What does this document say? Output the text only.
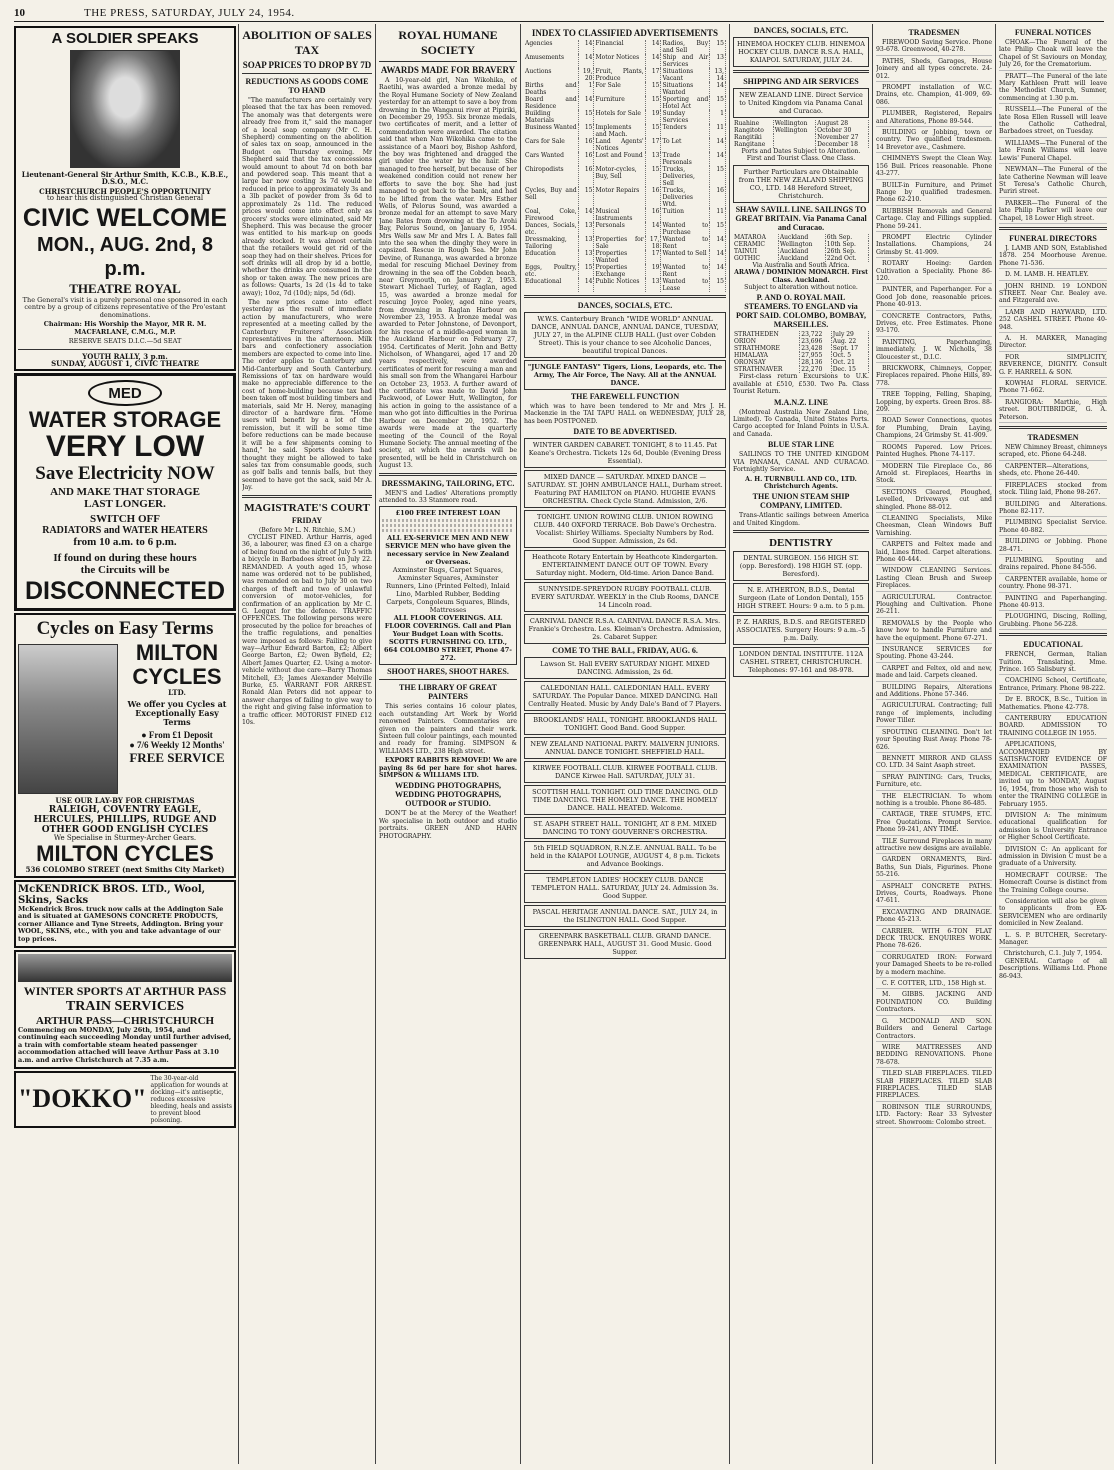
10	THE PRESS, SATURDAY, JULY 24, 1954.
A SOLDIER SPEAKS
Lieutenant-General Sir Arthur Smith, K.C.B., K.B.E., D.S.O., M.C.
CHRISTCHURCH PEOPLE'S OPPORTUNITY
to hear this distinguished Christian General
CIVIC WELCOME
MON., AUG. 2nd, 8 p.m.
THEATRE ROYAL
The General's visit is a purely personal one sponsored in each centre by a group of citizens representative of the Pro'estant denominations.
Chairman: His Worship the Mayor, MR R. M. MACFARLANE, C.M.G., M.P.
RESERVE SEATS D.I.C.—5d SEAT
YOUTH RALLY, 3 p.m.
SUNDAY, AUGUST 1, CIVIC THEATRE
MED
WATER STORAGE
VERY LOW
Save Electricity NOW
AND MAKE THAT STORAGE
LAST LONGER.
SWITCH OFF
RADIATORS and WATER HEATERS
from 10 a.m. to 6 p.m.
If found on during these hours
the Circuits will be
DISCONNECTED
Cycles on Easy Terms
MILTON
CYCLES
LTD.
We offer you Cycles at Exceptionally Easy Terms
● From £1 Deposit
● 7/6 Weekly 12 Months'
FREE SERVICE
USE OUR LAY-BY FOR CHRISTMAS
RALEIGH, COVENTRY EAGLE, HERCULES, PHILLIPS, RUDGE AND OTHER GOOD ENGLISH CYCLES
We Specialise in Sturmey-Archer Gears.
MILTON CYCLES
536 COLOMBO STREET (next Smiths City Market)
McKENDRICK BROS. LTD., Wool, Skins, Sacks
McKendrick Bros. truck now calls at the Addington Sale and is situated at GAMESONS CONCRETE PRODUCTS, corner Alliance and Tyne Streets, Addington. Bring your WOOL, SKINS, etc., with you and take advantage of our top prices.
WINTER SPORTS AT ARTHUR PASS
TRAIN SERVICES
ARTHUR PASS—CHRISTCHURCH
Commencing on MONDAY, July 26th, 1954, and continuing each succeeding Monday until further advised, a train with comfortable steam heated passenger accommodation attached will leave Arthur Pass at 3.10 a.m. and arrive Christchurch at 7.35 a.m.
"DOKKO"
The 30-year-old application for wounds at docking—it's antiseptic, reduces excessive bleeding, heals and assists to prevent blood poisoning.
ABOLITION OF SALES TAX
SOAP PRICES TO DROP BY 7D
REDUCTIONS AS GOODS COME TO HAND
"The manufacturers are certainly very pleased that the tax has been removed. The anomaly was that detergents were already free from it," said the manager of a local soap company (Mr C. H. Shepherd) commenting on the abolition of sales tax on soap, announced in the Budget on Thursday evening. Mr Shepherd said that the tax concessions would amount to about 7d on both bar and powdered soap. This meant that a large bar now costing 3s 7d would be reduced in price to approximately 3s and a 3lb packet of powder from 3s 6d to approximately 2s 11d. The reduced prices would come into effect only as grocers' stocks were eliminated, said Mr Shepherd. This was because the grocer was entitled to his mark-up on goods already stocked. It was almost certain that the retailers would get rid of the soap they had on their shelves. Prices for soft drinks will all drop by id a bottle, whether the drinks are consumed in the shop or taken away. The new prices are as follows: Quarts, 1s 2d (1s 4d to take away); 10oz, 7d (10d); nips, 5d (6d).
The new prices came into effect yesterday as the result of immediate action by manufacturers, who were represented at a meeting called by the Canterbury Fruiterers' Association representatives in the afternoon. Milk bars and confectionery association members are expected to come into line. The order applies to Canterbury and Mid-Canterbury and South Canterbury. Remissions of tax on hardware would make no appreciable difference to the cost of home-building because tax had been taken off most building timbers and materials, said Mr H. Nerey, managing director of a hardware firm. "Home users will benefit by a lot of the remission, but it will be some time before reductions can be made because it will be a few shipments coming to hand," he said. Sports dealers had thought they might be allowed to take sales tax from consumable goods, such as golf balls and tennis balls, but they seemed to have got the sack, said Mr A. Jay.
MAGISTRATE'S COURT
FRIDAY
(Before Mr L. N. Ritchie, S.M.)
CYCLIST FINED. Arthur Harris, aged 36, a labourer, was fined £3 on a charge of being found on the night of July 5 with a bicycle in Barbadoes street on July 22. REMANDED. A youth aged 15, whose name was ordered not to be published, was remanded on bail to July 30 on two charges of theft and two of unlawful conversion of motor-vehicles, for confirmation of an application by Mr C. G. Leggat for the defence. TRAFFIC OFFENCES. The following persons were prosecuted by the police for breaches of the traffic regulations, and penalties were imposed as follows: Failing to give way—Arthur Edward Barton, £2; Albert George Barton, £2; Owen Byfield, £2; Albert James Quarter, £2. Using a motor-vehicle without due care—Barry Thomas Mitchell, £3; James Alexander Melville Burke, £5. WARRANT FOR ARREST. Ronald Alan Peters did not appear to answer charges of failing to give way to the right and giving false information to a traffic officer. MOTORIST FINED £12 10s.
ROYAL HUMANE SOCIETY
AWARDS MADE FOR BRAVERY
A 10-year-old girl, Nan Wikohika, of Raetihi, was awarded a bronze medal by the Royal Humane Society of New Zealand yesterday for an attempt to save a boy from drowning in the Wanganui river at Pipiriki, on December 29, 1953. Six bronze medals, two certificates of merit, and a letter of commendation were awarded. The citation said that when Nan Wikohika came to the assistance of a Maori boy, Bishop Ashford, the boy was frightened and dragged the girl under the water by the hair. She managed to free herself, but because of her weakened condition could not renew her efforts to save the boy. She had just managed to get back to the bank, and had to be lifted from the water. Mrs Esther Wells, of Pelorus Sound, was awarded a bronze medal for an attempt to save Mary Jane Bates from drowning at the To Arohi Bay, Pelorus Sound, on January 6, 1954. Mrs Wells saw Mr and Mrs I. A. Bates fall into the sea when the dinghy they were in capsized. Rescue in Rough Sea. Mr John Devine, of Runanga, was awarded a bronze medal for rescuing Michael Deviney from drowning in the sea off the Cobden beach, near Greymouth, on January 2, 1953. Stewart Michael Turley, of Raglan, aged 15, was awarded a bronze medal for rescuing Joyce Pooley, aged nine years, from drowning in Raglan Harbour on November 23, 1953. A bronze medal was awarded to Peter Johnstone, of Devonport, for his rescue of a middle-aged woman in the Auckland Harbour on February 27, 1954. Certificates of Merit. John and Betty Nicholson, of Whangarei, aged 17 and 20 years respectively, were awarded certificates of merit for rescuing a man and his small son from the Whangarei Harbour on October 23, 1953. A further award of the certificate was made to David John Packwood, of Lower Hutt, Wellington, for his action in going to the assistance of a man who got into difficulties in the Porirua Harbour on December 20, 1952. The awards were made at the quarterly meeting of the Council of the Royal Humane Society. The annual meeting of the society, at which the awards will be presented, will be held in Christchurch on August 13.
DRESSMAKING, TAILORING, ETC.
MEN'S and Ladies' Alterations promptly attended to. 33 Stanmore road.
£100 FREE INTEREST LOAN
ALL EX-SERVICE MEN AND NEW SERVICE MEN who have given the necessary service in New Zealand or Overseas.
Axminster Rugs, Carpet Squares, Axminster Squares, Axminster Runners, Lino (Printed Felted), Inlaid Lino, Marbled Rubber, Bedding Carpets, Congoleum Squares, Blinds, Mattresses
ALL FLOOR COVERINGS. ALL FLOOR COVERINGS. Call and Plan Your Budget Loan with Scotts.
SCOTTS FURNISHING CO. LTD., 664 COLOMBO STREET, Phone 47-272.
SHOOT HARES, SHOOT HARES.
THE LIBRARY OF GREAT PAINTERS
This series contains 16 colour plates, each outstanding Art Work by World renowned Painters. Commentaries are given on the painters and their work. Sixteen full colour paintings, each mounted and ready for framing. SIMPSON & WILLIAMS LTD., 238 High street.
EXPORT RABBITS REMOVED! We are paying 8s 6d per hare for shot hares. SIMPSON & WILLIAMS LTD.
WEDDING PHOTOGRAPHS, WEDDING PHOTOGRAPHS, OUTDOOR or STUDIO.
DON'T be at the Mercy of the Weather! We specialise in both outdoor and studio portraits. GREEN AND HAHN PHOTOGRAPHY.
INDEX TO CLASSIFIED ADVERTISEMENTS
Agencies	14	Financial	14	Radios, Buy and Sell	15
Amusements	14	Motor Notices	14	Ship and Air Services	13
Auctions	19, 20	Fruit, Plants, Produce	17	Situations Vacant	13, 14
Births and Deaths	1	For Sale	15	Situations Wanted	14
Board and Residence	14	Furniture	15	Sporting and Hotel Act	15
Building Materials	15	Hotels for Sale	19	Sunday Services	1
Business Wanted	15	Implements and Mach.	15	Tenders	11
Cars for Sale	16	Land Agents' Notices	17	To Let	14
Cars Wanted	16	Lost and Found	13	Trade Personals	14
Chiropodists	16	Motor-cycles, Buy, Sell	15	Trucks, Deliveries, Sell	15
Cycles, Buy and Sell	15	Motor Repairs	16	Trucks, Deliveries Wtd.	16
Coal, Coke, Firewood	14	Musical Instruments	16	Tuition	11
Dances, Socials, etc.	13	Personals	14	Wanted to Purchase	15
Dressmaking, Tailoring	13	Properties for Sale	17, 18	Wanted to Rent	14
Education	13	Properties Wanted	17	Wanted to Sell	14
Eggs, Poultry, etc.	15	Properties Exchange	19	Wanted to Rent	14
Educational	14	Public Notices	13	Wanted to Lease	15
DANCES, SOCIALS, ETC.
W.W.S. Canterbury Branch "WIDE WORLD" ANNUAL DANCE, ANNUAL DANCE, ANNUAL DANCE, TUESDAY, JULY 27, in the ALPINE CLUB HALL (Just over Cobden Street). This is your chance to see Alcoholic Dances, beautiful tropical Dances.
"JUNGLE FANTASY" Tigers, Lions, Leopards, etc. The Army, The Air Force, The Navy. All at the ANNUAL DANCE.
THE FAREWELL FUNCTION
which was to have been tendered to Mr and Mrs J. H. Mackenzie in the TAI TAPU HALL on WEDNESDAY, JULY 28, has been POSTPONED.
DATE TO BE ADVERTISED.
WINTER GARDEN CABARET. TONIGHT, 8 to 11.45. Pat Keane's Orchestra. Tickets 12s 6d, Double (Evening Dress Essential).
MIXED DANCE — SATURDAY. MIXED DANCE — SATURDAY. ST. JOHN AMBULANCE HALL, Durham street. Featuring PAT HAMILTON on PIANO. HUGHIE EVANS ORCHESTRA. Check Cycle Stand. Admission, 2/6.
TONIGHT. UNION ROWING CLUB. UNION ROWING CLUB. 440 OXFORD TERRACE. Bob Dawe's Orchestra. Vocalist: Shirley Williams. Specialty Numbers by Rod. Good Supper. Admission, 2s 6d.
Heathcote Rotary Entertain by Heathcote Kindergarten. ENTERTAINMENT DANCE OUT OF TOWN. Every Saturday night. Modern, Old-time. Arion Dance Band.
SUNNYSIDE-SPREYDON RUGBY FOOTBALL CLUB. EVERY SATURDAY. WEEKLY in the Club Rooms, DANCE 14 Lincoln road.
CARNIVAL DANCE R.S.A. CARNIVAL DANCE R.S.A. Mrs. Frankie's Orchestra. Les. Kleiman's Orchestra. Admission, 2s. Cabaret Supper.
COME TO THE BALL, FRIDAY, AUG. 6.
Lawson St. Hall EVERY SATURDAY NIGHT. MIXED DANCING. Admission, 2s 6d.
CALEDONIAN HALL. CALEDONIAN HALL. EVERY SATURDAY. The Popular Dance. MIXED DANCING. Hall Centrally Heated. Music by Andy Dale's Band of 7 Players.
BROOKLANDS' HALL, TONIGHT. BROOKLANDS HALL TONIGHT. Good Band. Good Supper.
NEW ZEALAND NATIONAL PARTY. MALVERN JUNIORS. ANNUAL DANCE TONIGHT. SHEFFIELD HALL.
KIRWEE FOOTBALL CLUB. KIRWEE FOOTBALL CLUB. DANCE Kirwee Hall. SATURDAY, JULY 31.
SCOTTISH HALL TONIGHT. OLD TIME DANCING. OLD TIME DANCING. THE HOMELY DANCE. THE HOMELY DANCE. HALL HEATED. Welcome.
ST. ASAPH STREET HALL. TONIGHT, AT 8 P.M. MIXED DANCING TO TONY GOUVERNE'S ORCHESTRA.
5th FIELD SQUADRON, R.N.Z.E. ANNUAL BALL. To be held in the KAIAPOI LOUNGE, AUGUST 4, 8 p.m. Tickets and Advance Bookings.
TEMPLETON LADIES' HOCKEY CLUB. DANCE TEMPLETON HALL. SATURDAY, JULY 24. Admission 3s. Good Supper.
PASCAL HERITAGE ANNUAL DANCE. SAT., JULY 24, in the ISLINGTON HALL. Good Supper.
GREENPARK BASKETBALL CLUB. GRAND DANCE. GREENPARK HALL, AUGUST 31. Good Music. Good Supper.
DANCES, SOCIALS, ETC.
HINEMOA HOCKEY CLUB. HINEMOA HOCKEY CLUB. DANCE R.S.A. HALL, KAIAPOI. SATURDAY, JULY 24.
SHIPPING AND AIR SERVICES
NEW ZEALAND LINE. Direct Service to United Kingdom via Panama Canal and Curacao.
Ruahine	Wellington	August 28
Rangitoto	Wellington	October 30
Rangitiki		November 27
Rangitane		December 18
Ports and Dates Subject to Alteration.
First and Tourist Class. One Class.
Further Particulars are Obtainable from THE NEW ZEALAND SHIPPING CO., LTD. 148 Hereford Street, Christchurch.
SHAW SAVILL LINE. SAILINGS TO GREAT BRITAIN. Via Panama Canal and Curacao.
MATAROA	Auckland	6th Sep.
CERAMIC	Wellington	10th Sep.
TAINUI	Auckland	26th Sep.
GOTHIC	Auckland	22nd Oct.
Via Australia and South Africa.
ARAWA / DOMINION MONARCH. First Class. Auckland.
Subject to alteration without notice.
P. AND O. ROYAL MAIL STEAMERS. TO ENGLAND via PORT SAID. COLOMBO, BOMBAY, MARSEILLES.
STRATHEDEN	23,722	July 29
ORION	23,696	Aug. 22
STRATHMORE	23,428	Sept. 17
HIMALAYA	27,955	Oct. 5
ORONSAY	28,136	Oct. 21
STRATHNAVER	22,270	Dec. 15
First-class return Excursions to U.K. available at £510, £530. Two Pa. Class Tourist Return.
M.A.N.Z. LINE
(Montreal Australia New Zealand Line, Limited). To Canada, United States Ports. Cargo accepted for Inland Points in U.S.A. and Canada.
BLUE STAR LINE
SAILINGS TO THE UNITED KINGDOM VIA PANAMA, CANAL AND CURACAO. Fortnightly Service.
A. H. TURNBULL AND CO., LTD. Christchurch Agents.
THE UNION STEAM SHIP COMPANY, LIMITED.
Trans-Atlantic sailings between America and United Kingdom.
DENTISTRY
DENTAL SURGEON. 156 HIGH ST. (opp. Beresford). 198 HIGH ST. (opp. Beresford).
N. E. ATHERTON, B.D.S., Dental Surgeon (Late of London Dental), 155 HIGH STREET. Hours: 9 a.m. to 5 p.m.
P. Z. HARRIS, B.D.S. and REGISTERED ASSOCIATES. Surgery Hours: 9 a.m.–5 p.m. Daily.
LONDON DENTAL INSTITUTE. 112A CASHEL STREET, CHRISTCHURCH. Telephones: 97-161 and 98-978.
TRADESMEN
FIREWOOD Saving Service. Phone 93-678. Greenwood, 40-278.
PATHS, Sheds, Garages, House Joinery and all types concrete. 24-012.
PROMPT installation of W.C. Drains, etc. Champion, 41-909, 69-086.
PLUMBER, Registered, Repairs and Alterations, Phone 89-544.
BUILDING or Jobbing, town or country. Two qualified tradesmen. 14 Brevetor ave., Cashmere.
CHIMNEYS Swept the Clean Way. 156 Buil. Prices reasonable. Phone 43-277.
BUILT-in Furniture, and Primet Range by qualified tradesmen. Phone 62-210.
RUBBISH Removals and General Cartage. Clay and Fillings supplied. Phone 59-241.
PROMPT Electric Cylinder Installations. Champions, 24 Grimsby St. 41-909.
ROTARY Hoeing: Garden Cultivation a Speciality. Phone 86-120.
PAINTER, and Paperhanger. For a Good Job done, reasonable prices. Phone 40-913.
CONCRETE Contractors, Paths, Drives, etc. Free Estimates. Phone 93-170.
PAINTING, Paperhanging, immediately. J. W. Nicholls, 38 Gloucester st., D.I.C.
BRICKWORK, Chimneys, Copper, Fireplaces repaired. Phone Hills, 89-778.
TREE Topping, Felling, Shaping, Lopping, by experts. Green Bros. 88-209.
ROAD Sewer Connections, quotes for Plumbing, Drain Laying, Champions, 24 Grimsby St. 41-909.
ROOMS Papered. Low Prices. Painted Hughes. Phone 74-117.
MODERN Tile Fireplace Co., 86 Arnold st. Fireplaces, Hearths in Stock.
SECTIONS Cleared, Ploughed, Levelled, Driveways cut and shingled. Phone 88-012.
CLEANING Specialists, Mike Cheesman, Clean Windows Buff Varnishing.
CARPETS and Feltex made and laid, Lines fitted. Carpet alterations. Phone 40-444.
WINDOW CLEANING Services. Lasting Clean Brush and Sweep Fireplaces.
AGRICULTURAL Contractor. Ploughing and Cultivation. Phone 26-211.
REMOVALS by the People who know how to handle Furniture and have the equipment. Phone 67-271.
INSURANCE SERVICES for Spouting. Phone 43-244.
CARPET and Feltex, old and new, made and laid. Carpets cleaned.
BUILDING Repairs, Alterations and Additions. Phone 57-346.
AGRICULTURAL Contracting; full range of implements, including Power Tiller.
SPOUTING CLEANING. Don't let your Spouting Rust Away. Phone 78-626.
BENNETT MIRROR AND GLASS CO. LTD. 34 Saint Asaph street.
SPRAY PAINTING: Cars, Trucks, Furniture, etc.
THE ELECTRICIAN. To whom nothing is a trouble. Phone 86-485.
CARTAGE, TREE STUMPS, ETC. Free Quotations. Prompt Service. Phone 59-241, ANY TIME.
TILE Surround Fireplaces in many attractive new designs are available.
GARDEN ORNAMENTS, Bird-Baths, Sun Dials, Figurines. Phone 55-216.
ASPHALT CONCRETE PATHS. Drives, Courts, Roadways. Phone 47-611.
EXCAVATING AND DRAINAGE. Phone 45-213.
CARRIER. WITH 6-TON FLAT DECK TRUCK. ENQUIRES WORK. Phone 78-626.
CORRUGATED IRON: Forward your Damaged Sheets to be re-rolled by a modern machine.
C. F. COTTER, LTD., 158 High st.
M. GIBBS. JACKING AND FOUNDATION CO. Building Contractors.
G. MCDONALD AND SON. Builders and General Cartage Contractors.
WIRE MATTRESSES AND BEDDING RENOVATIONS. Phone 78-678.
TILED SLAB FIREPLACES. TILED SLAB FIREPLACES. TILED SLAB FIREPLACES. TILED SLAB FIREPLACES.
ROBINSON TILE SURROUNDS, LTD. Factory: Rear 33 Sylvester street. Showroom: Colombo street.
FUNERAL NOTICES
CHOAK—The Funeral of the late Philip Choak will leave the Chapel of St Saviours on Monday, July 26, for the Crematorium.
PRATT—The Funeral of the late Mary Kathleen Pratt will leave the Methodist Church, Sumner, commencing at 1.30 p.m.
RUSSELL—The Funeral of the late Rosa Ellen Russell will leave the Catholic Cathedral, Barbadoes street, on Tuesday.
WILLIAMS—The Funeral of the late Frank Williams will leave Lewis' Funeral Chapel.
NEWMAN—The Funeral of the late Catherine Newman will leave St Teresa's Catholic Church, Puriri street.
PARKER—The Funeral of the late Philip Parker will leave our Chapel, 18 Lower High street.
FUNERAL DIRECTORS
J. LAMB AND SON, Established 1878. 254 Moorhouse Avenue. Phone 71-536.
D. M. LAMB. H. HEATLEY.
JOHN RHIND. 19 LONDON STREET. Near Cnr. Bealey ave. and Fitzgerald ave.
LAMB AND HAYWARD, LTD. 252 CASHEL STREET. Phone 40-948.
A. H. MARKER, Managing Director.
FOR SIMPLICITY, REVERENCE, DIGNITY. Consult G. F. HARRELL & SON.
KOWHAI FLORAL SERVICE. Phone 71-662.
RANGIORA: Marthie, High street. BOUTIBRIDGE, G. A. Peterson.
TRADESMEN
NEW Chimney Breast, chimneys scraped, etc. Phone 64-248.
CARPENTER—Alterations, sheds, etc. Phone 26-440.
FIREPLACES stocked from stock. Tiling laid, Phone 98-267.
BUILDING and Alterations. Phone 82-117.
PLUMBING Specialist Service. Phone 40-882.
BUILDING or Jobbing. Phone 28-471.
PLUMBING. Spouting and drains repaired. Phone 84-556.
CARPENTER available, home or country. Phone 98-371.
PAINTING and Paperhanging. Phone 40-913.
PLOUGHING, Discing, Rolling, Grubbing. Phone 56-228.
EDUCATIONAL
FRENCH, German, Italian Tuition. Translating. Mme. Prince. 165 Salisbury st.
COACHING School, Certificate, Entrance, Primary. Phone 98-222.
Dr E. BROCK, B.Sc., Tuition in Mathematics. Phone 42-778.
CANTERBURY EDUCATION BOARD. ADMISSION TO TRAINING COLLEGE IN 1955.
APPLICATIONS, ACCOMPANIED BY SATISFACTORY EVIDENCE OF EXAMINATION PASSES, MEDICAL CERTIFICATE, are invited up to MONDAY, August 16, 1954, from those who wish to enter the TRAINING COLLEGE in February 1955.
DIVISION A: The minimum educational qualification for admission is University Entrance or Higher School Certificate.
DIVISION C: An applicant for admission in Division C must be a graduate of a University.
HOMECRAFT COURSE: The Homecraft Course is distinct from the Training College course.
Consideration will also be given to applicants from EX-SERVICEMEN who are ordinarily domiciled in New Zealand.
L. S. P. BUTCHER, Secretary-Manager.
Christchurch, C.1. July 7, 1954.
GENERAL Cartage of all Descriptions. Williams Ltd. Phone 86-943.
